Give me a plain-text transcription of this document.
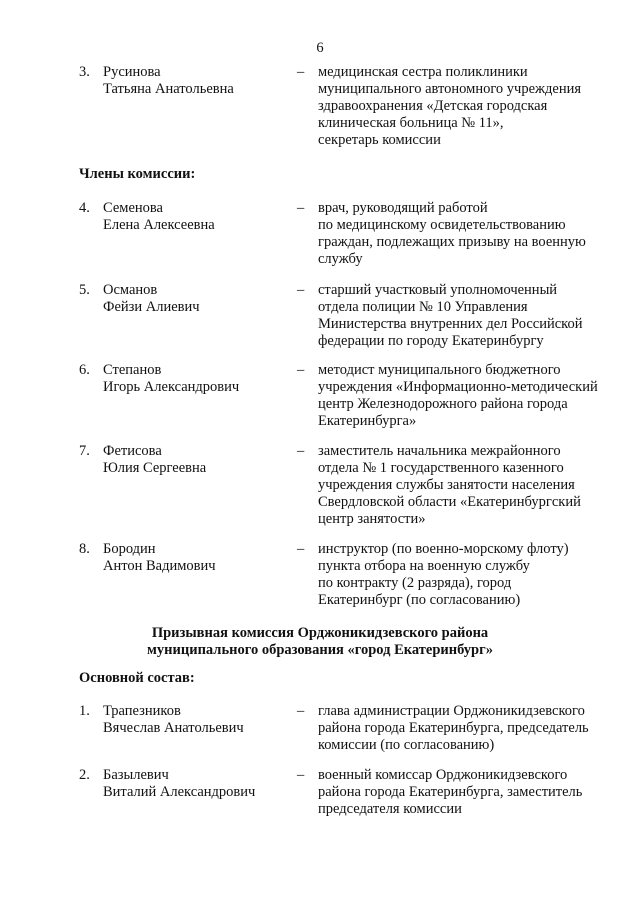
6
3. Русинова
Татьяна Анатольевна
– медицинская сестра поликлиники
муниципального автономного учреждения
здравоохранения «Детская городская
клиническая больница № 11»,
секретарь комиссии
Члены комиссии:
4. Семенова
Елена Алексеевна
– врач, руководящий работой
по медицинскому освидетельствованию
граждан, подлежащих призыву на военную
службу
5. Османов
Фейзи Алиевич
– старший участковый уполномоченный
отдела полиции № 10 Управления
Министерства внутренних дел Российской
федерации по городу Екатеринбургу
6. Степанов
Игорь Александрович
– методист муниципального бюджетного
учреждения «Информационно-методический
центр Железнодорожного района города
Екатеринбурга»
7. Фетисова
Юлия Сергеевна
– заместитель начальника межрайонного
отдела № 1 государственного казенного
учреждения службы занятости населения
Свердловской области «Екатеринбургский
центр занятости»
8. Бородин
Антон Вадимович
– инструктор (по военно-морскому флоту)
пункта отбора на военную службу
по контракту (2 разряда), город
Екатеринбург (по согласованию)
Призывная комиссия Орджоникидзевского района
муниципального образования «город Екатеринбург»
Основной состав:
1. Трапезников
Вячеслав Анатольевич
– глава администрации Орджоникидзевского
района города Екатеринбурга, председатель
комиссии (по согласованию)
2. Базылевич
Виталий Александрович
– военный комиссар Орджоникидзевского
района города Екатеринбурга, заместитель
председателя комиссии
